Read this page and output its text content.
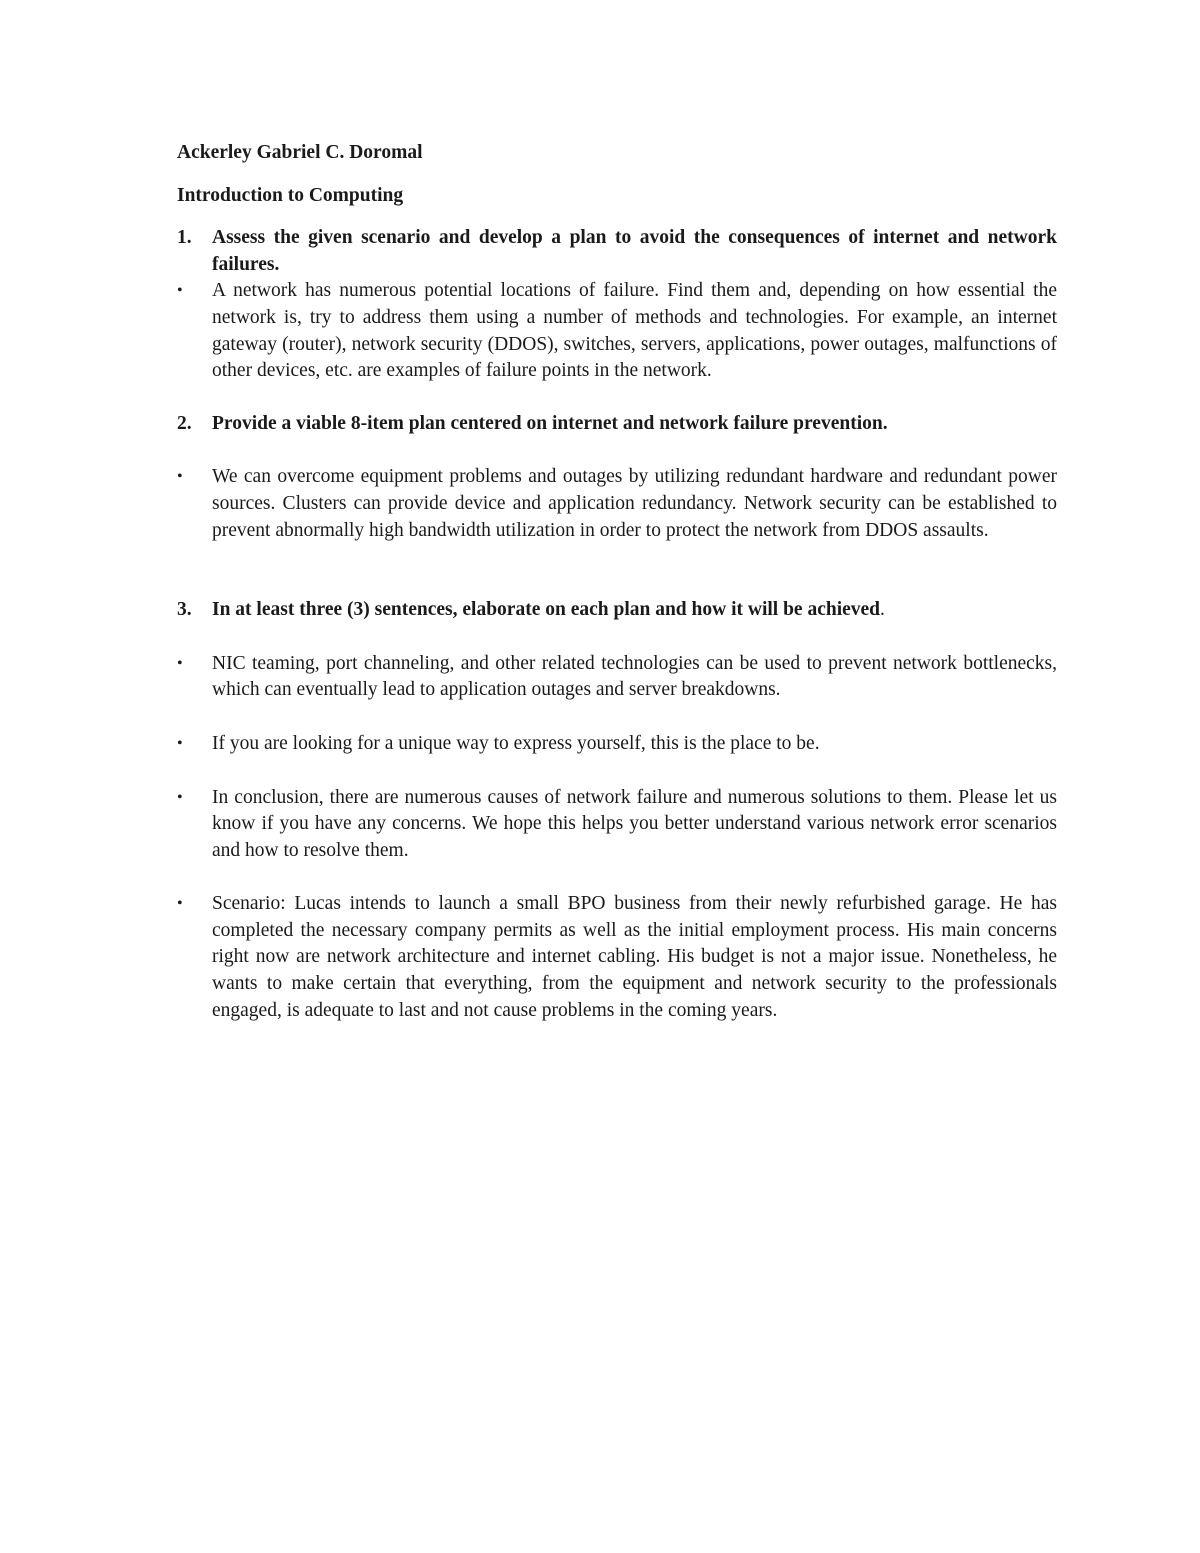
Ackerley Gabriel C. Doromal

Introduction to Computing

1.	Assess the given scenario and develop a plan to avoid the consequences of internet and network failures.
•	A network has numerous potential locations of failure. Find them and, depending on how essential the network is, try to address them using a number of methods and technologies. For example, an internet gateway (router), network security (DDOS), switches, servers, applications, power outages, malfunctions of other devices, etc. are examples of failure points in the network.
2.	Provide a viable 8-item plan centered on internet and network failure prevention.
•	We can overcome equipment problems and outages by utilizing redundant hardware and redundant power sources. Clusters can provide device and application redundancy. Network security can be established to prevent abnormally high bandwidth utilization in order to protect the network from DDOS assaults.
3.	In at least three (3) sentences, elaborate on each plan and how it will be achieved.
•	NIC teaming, port channeling, and other related technologies can be used to prevent network bottlenecks, which can eventually lead to application outages and server breakdowns.
•	If you are looking for a unique way to express yourself, this is the place to be.
•	In conclusion, there are numerous causes of network failure and numerous solutions to them. Please let us know if you have any concerns. We hope this helps you better understand various network error scenarios and how to resolve them.
•	Scenario: Lucas intends to launch a small BPO business from their newly refurbished garage. He has completed the necessary company permits as well as the initial employment process. His main concerns right now are network architecture and internet cabling. His budget is not a major issue. Nonetheless, he wants to make certain that everything, from the equipment and network security to the professionals engaged, is adequate to last and not cause problems in the coming years.
